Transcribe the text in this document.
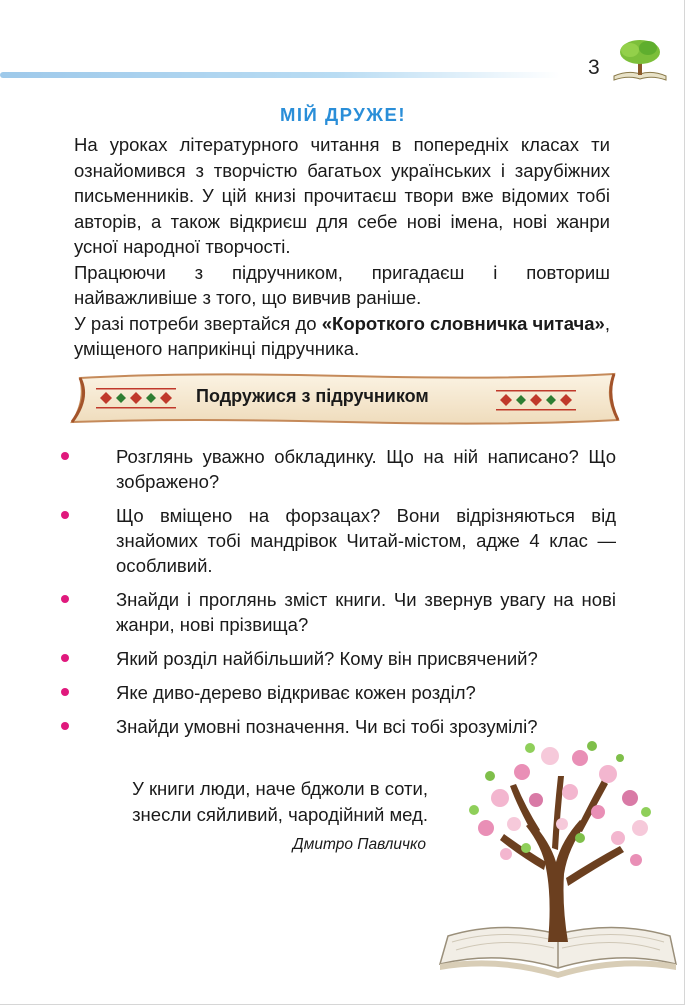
3
МІЙ ДРУЖЕ!

На уроках літературного читання в попередніх класах ти ознайомився з творчістю багатьох українських і зарубіжних письменників. У цій книзі прочитаєш твори вже відомих тобі авторів, а також відкриєш для себе нові імена, нові жанри усної народної творчості.

Працюючи з підручником, пригадаєш і повториш найважливіше з того, що вивчив раніше.

У разі потреби звертайся до «Короткого словничка читача», уміщеного наприкінці підручника.

Подружися з підручником
Розглянь уважно обкладинку. Що на ній написано? Що зображено?
Що вміщено на форзацах? Вони відрізняються від знайомих тобі мандрівок Читай-містом, адже 4 клас — особливий.
Знайди і проглянь зміст книги. Чи звернув увагу на нові жанри, нові прізвища?
Який розділ найбільший? Кому він присвячений?
Яке диво-дерево відкриває кожен розділ?
Знайди умовні позначення. Чи всі тобі зрозумілі?
У книги люди, наче бджоли в соти,
знесли сяйливий, чародійний мед.
Дмитро Павличко
